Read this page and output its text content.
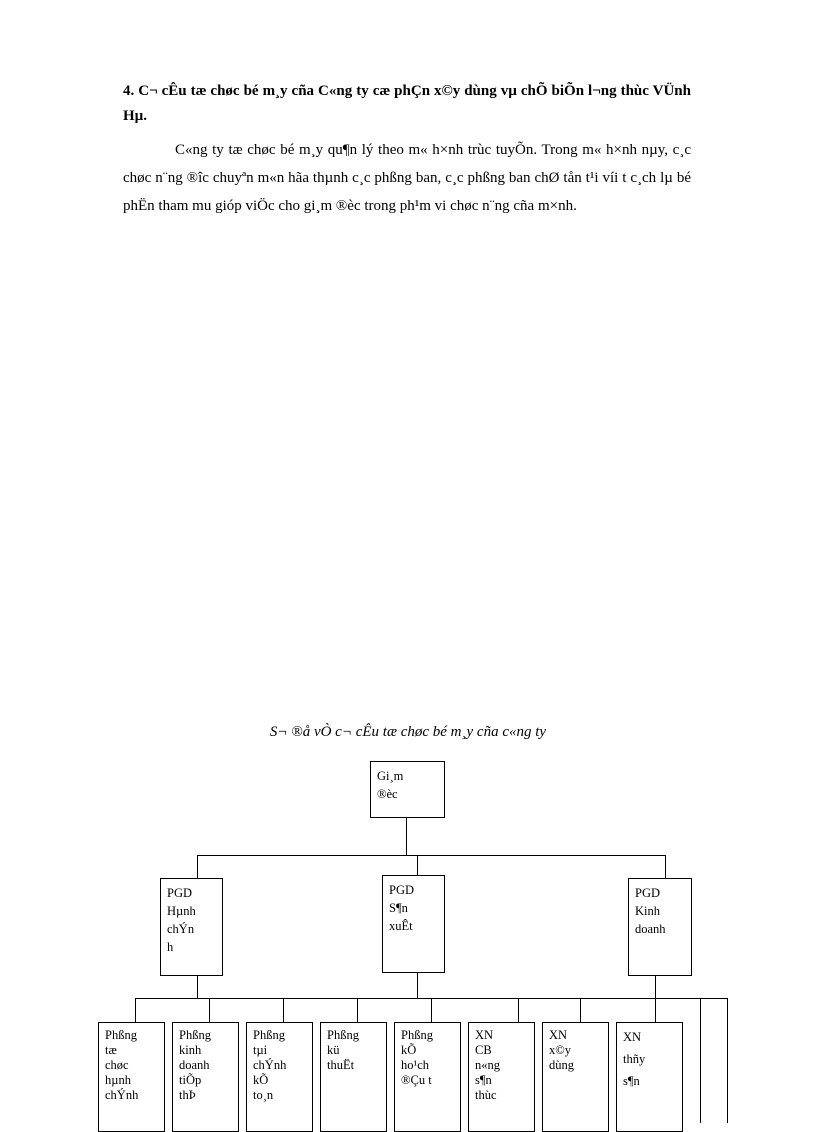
4. C¬ cÊu tæ chøc bé m¸y cña C«ng ty cæ phÇn x©y dùng vµ chÕ biÕn l¬ng thùc VÜnh Hµ.

C«ng ty tæ chøc bé m¸y qu¶n lý theo m« h×nh trùc tuyÕn. Trong m« h×nh nµy, c¸c chøc n¨ng ®îc chuyªn m«n hãa thµnh c¸c phßng ban, c¸c phßng ban chØ tån t¹i víi t c¸ch lµ bé phËn tham mu gióp viÖc cho gi¸m ®èc trong ph¹m vi chøc n¨ng cña m×nh.

S¬ ®å vÒ c¬ cÊu tæ chøc bé m¸y cña c«ng ty
Gi¸m
®èc
PGD
Hµnh
chÝn
h
PGD
S¶n
xuÊt
PGD
Kinh
doanh
Phßng
tæ
chøc
hµnh
chÝnh
Phßng
kinh
doanh
tiÕp
thÞ
Phßng
tµi
chÝnh
kÕ
to¸n
Phßng
kü
thuËt
Phßng
kÕ
ho¹ch
®Çu t
XN
CB
n«ng
s¶n
thùc
XN
x©y
dùng
XN
thñy
s¶n
